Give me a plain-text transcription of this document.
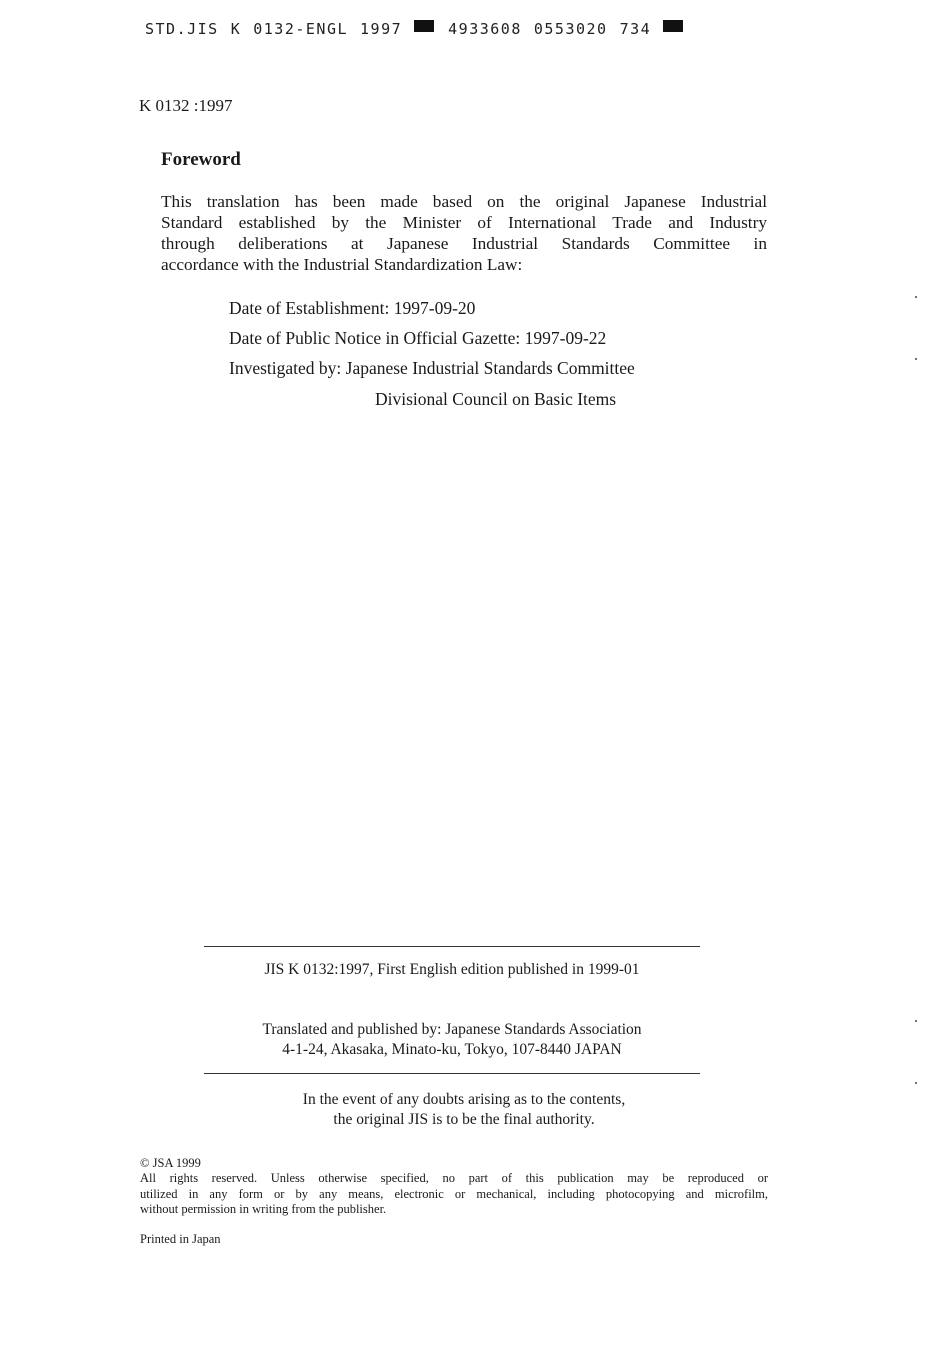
STD.JIS K 0132-ENGL 1997	4933608 0553020 734
K 0132 :1997
Foreword
This translation has been made based on the original Japanese Industrial
Standard established by the Minister of International Trade and Industry
through deliberations at Japanese Industrial Standards Committee in
accordance with the Industrial Standardization Law:
Date of Establishment: 1997-09-20
Date of Public Notice in Official Gazette: 1997-09-22
Investigated by: Japanese Industrial Standards Committee
Divisional Council on Basic Items
JIS K 0132:1997, First English edition published in 1999-01
Translated and published by: Japanese Standards Association
4-1-24, Akasaka, Minato-ku, Tokyo, 107-8440 JAPAN
In the event of any doubts arising as to the contents,
the original JIS is to be the final authority.
© JSA 1999
All rights reserved. Unless otherwise specified, no part of this publication may be reproduced or
utilized in any form or by any means, electronic or mechanical, including photocopying and microfilm,
without permission in writing from the publisher.
Printed in Japan
